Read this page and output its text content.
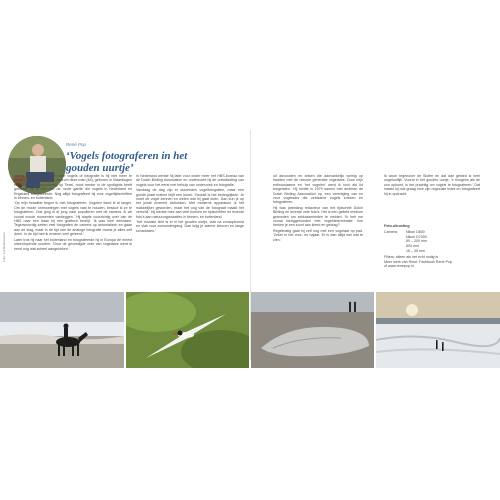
Foto: Jos Boshouwers
René Pop
‘Vogels fotograferen in het gouden uurtje’

Als hij begint te vertellen over vogels of fotografie is hij niet meer te stuiten. Het verwondert je waarom deze man (64), geboren in Vlaardingen en sinds 2007 woonachtig op Texel, nooit eerder in de spotlights heeft gestaan. Hij is één van de ‘oude garde’ die vogels in Nederland en Engeland fotografeerde. Nog altijd fotografeert hij voor vogeltijdschriften in binnen- en buitenland.

‘Op mijn twaalfde begon ik met fotograferen. Vogelen deed ik al langer. Om de mooie ontmoetingen met vogels vast te houden, besloot ik ze te fotograferen. Ook ging ik al jong naar populieren met de camera. Ik wil vooral mooie momenten vastleggen.’ Hij stapte voorzichtig over van de HBS naar een baan bij een grafisch bedrijf. ‘Ik was heel eenzaam. Tegenwoordig zetten veel fotografen de camera op automatisch en gaan aan de slag, maar in de tijd van de analoge fotografie moest je alles zelf doen. In de tijd heb ik ervaren veel geleerd.’

Later trok hij naar het buitenland en fotografeerde hij in Europa de meest uiteenlopende soorten. ‘Door de gevestigde orde van vogelaars werd ik eerst nog wat scheef aangekeken.’

In Nederland werkte hij later voor onder meer het HBS-bureau van de Dutch Birding Association en onderzocht hij de ontwikkeling van vogels voor het eerst met behulp van onderzoek en fotografie.

Vandaag de dag zijn er duizenden vogelfotografen, maar een goede plaat maken blijft een kunst. ‘Geduld is het belangrijkste. Je moet de vogel kennen en weten wat hij gaat doen. Dan kun je op het juiste moment afdrukken. Met moderne apparatuur is het makkelijker geworden, maar het oog van de fotograaf maakt het verschil.’ Hij werkte mee aan veel boeken en tijdschriften en leverde foto’s aan natuurorganisaties in binnen- en buitenland.

‘Het mooiste licht is er in het gouden uurtje, vlak na zonsopkomst en vlak voor zonsondergang. Dan krijg je warme kleuren en lange schaduwen.’

uit advocaten en artsen die aanvankelijk weinig op hadden met de nieuwe generatie vogelaars. Door mijn enthousiasme en ‘het vogelen’ werd ik toch als lid toegelaten.’ Hij richtte in 1979 samen met anderen de Dutch Birding Association op, een vereniging van en voor vogelaars die zeldzame vogels zoeken en fotograferen.

Hij was jarenlang redacteur van het tijdschrift Dutch Birding en leverde vele foto’s. Het is een geliefd medium geworden om zeldzaamheden te melden. ‘Ik heb me vooral beziggehouden met vogeldeterminatie: hoe herken je een soort aan kleed en gedrag?’

Regelmatig gaat hij zelf nog met een vogelaar op pad. ‘Zeker in het voor- en najaar. Er is dan altijd wel wat te zien.’

Ik woon tegenover de Slufter en dat dan gebied is heel ongelooflijk. Vooral in het gouden uurtje, ’s morgens als de zon opkomt, is het prachtig om vogels te fotograferen.’ Dat maakt hij ook graag voor zijn regionale krant en fotografeert hij in opdracht.

Foto-uitrusting
Camera:	Nikon D800
Nikon D7000
80 – 200 mm
600 mm
16 – 35 mm
Filters: alleen als het echt nodig is
Meer werk van René: Facebook René Pop
of www.renepop.nl
